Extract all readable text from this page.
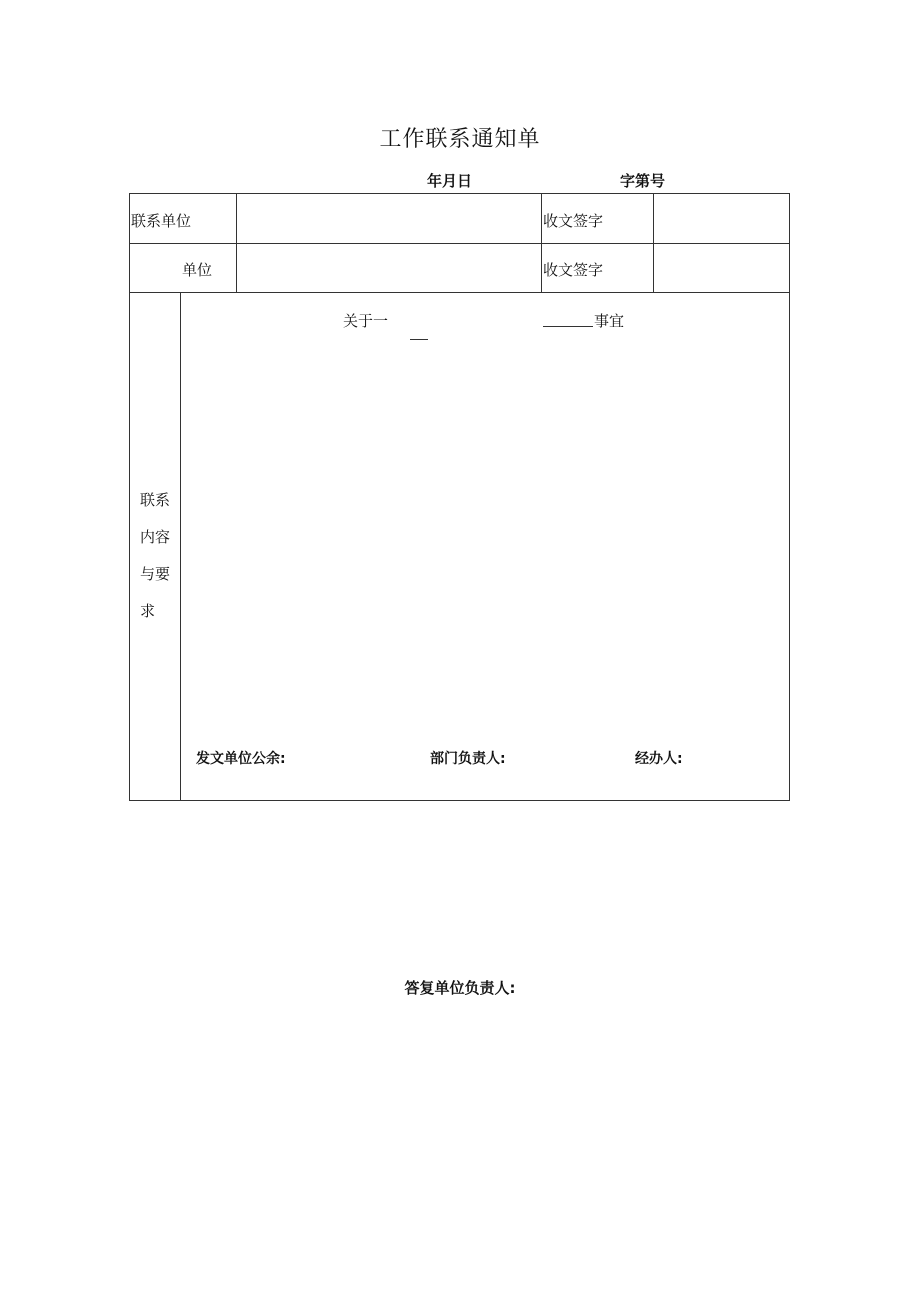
工作联系通知单
年月日	字第号
联系单位	收文签字
单位	收文签字
联系
内容
与要
求
关于一	事宜
发文单位公余:	部门负责人:	经办人:
答复单位负责人:
